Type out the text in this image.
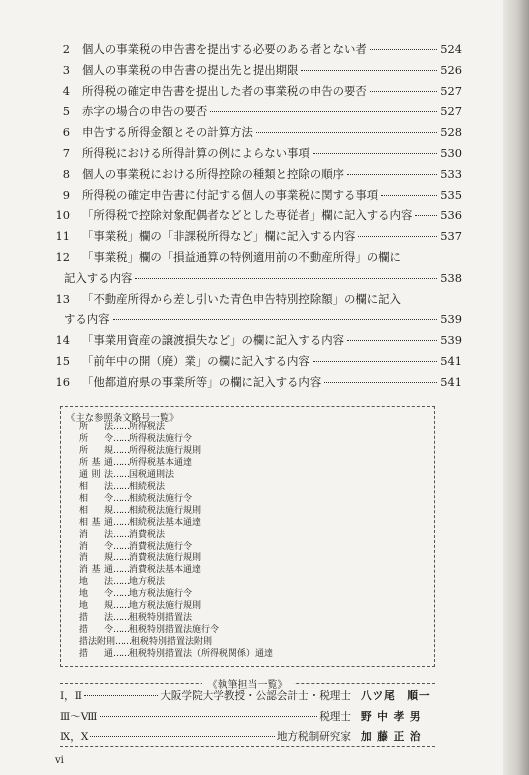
2 個人の事業税の申告書を提出する必要のある者とない者	524
3 個人の事業税の申告書の提出先と提出期限	526
4 所得税の確定申告書を提出した者の事業税の申告の要否	527
5 赤字の場合の申告の要否	527
6 申告する所得金額とその計算方法	528
7 所得税における所得計算の例によらない事項	530
8 個人の事業税における所得控除の種類と控除の順序	533
9 所得税の確定申告書に付記する個人の事業税に関する事項	535
10 「所得税で控除対象配偶者などとした専従者」欄に記入する内容 536
11 「事業税」欄の「非課税所得など」欄に記入する内容	537
12 「事業税」欄の「損益通算の特例適用前の不動産所得」の欄に
記入する内容	538
13 「不動産所得から差し引いた青色申告特別控除額」の欄に記入
する内容	539
14 「事業用資産の譲渡損失など」の欄に記入する内容	539
15 「前年中の開（廃）業」の欄に記入する内容	541
16 「他都道府県の事業所等」の欄に記入する内容	541
《主な参照条文略号一覧》
所　法 …… 所得税法
所　令 …… 所得税法施行令
所　規 …… 所得税法施行規則
所基通 …… 所得税基本通達
通則法 …… 国税通則法
相　法 …… 相続税法
相　令 …… 相続税法施行令
相　規 …… 相続税法施行規則
相基通 …… 相続税法基本通達
消　法 …… 消費税法
消　令 …… 消費税法施行令
消　規 …… 消費税法施行規則
消基通 …… 消費税法基本通達
地　法 …… 地方税法
地　令 …… 地方税法施行令
地　規 …… 地方税法施行規則
措　法 …… 租税特別措置法
措　令 …… 租税特別措置法施行令
措法附則 …… 租税特別措置法附則
措　通 …… 租税特別措置法（所得税関係）通達
《執筆担当一覧》
Ⅰ，Ⅱ	大阪学院大学教授・公認会計士・税理士 八ツ尾　順一
Ⅲ～Ⅷ	税理士 野 中 孝 男
Ⅸ，Ⅹ	地方税制研究家 加 藤 正 治
vi
